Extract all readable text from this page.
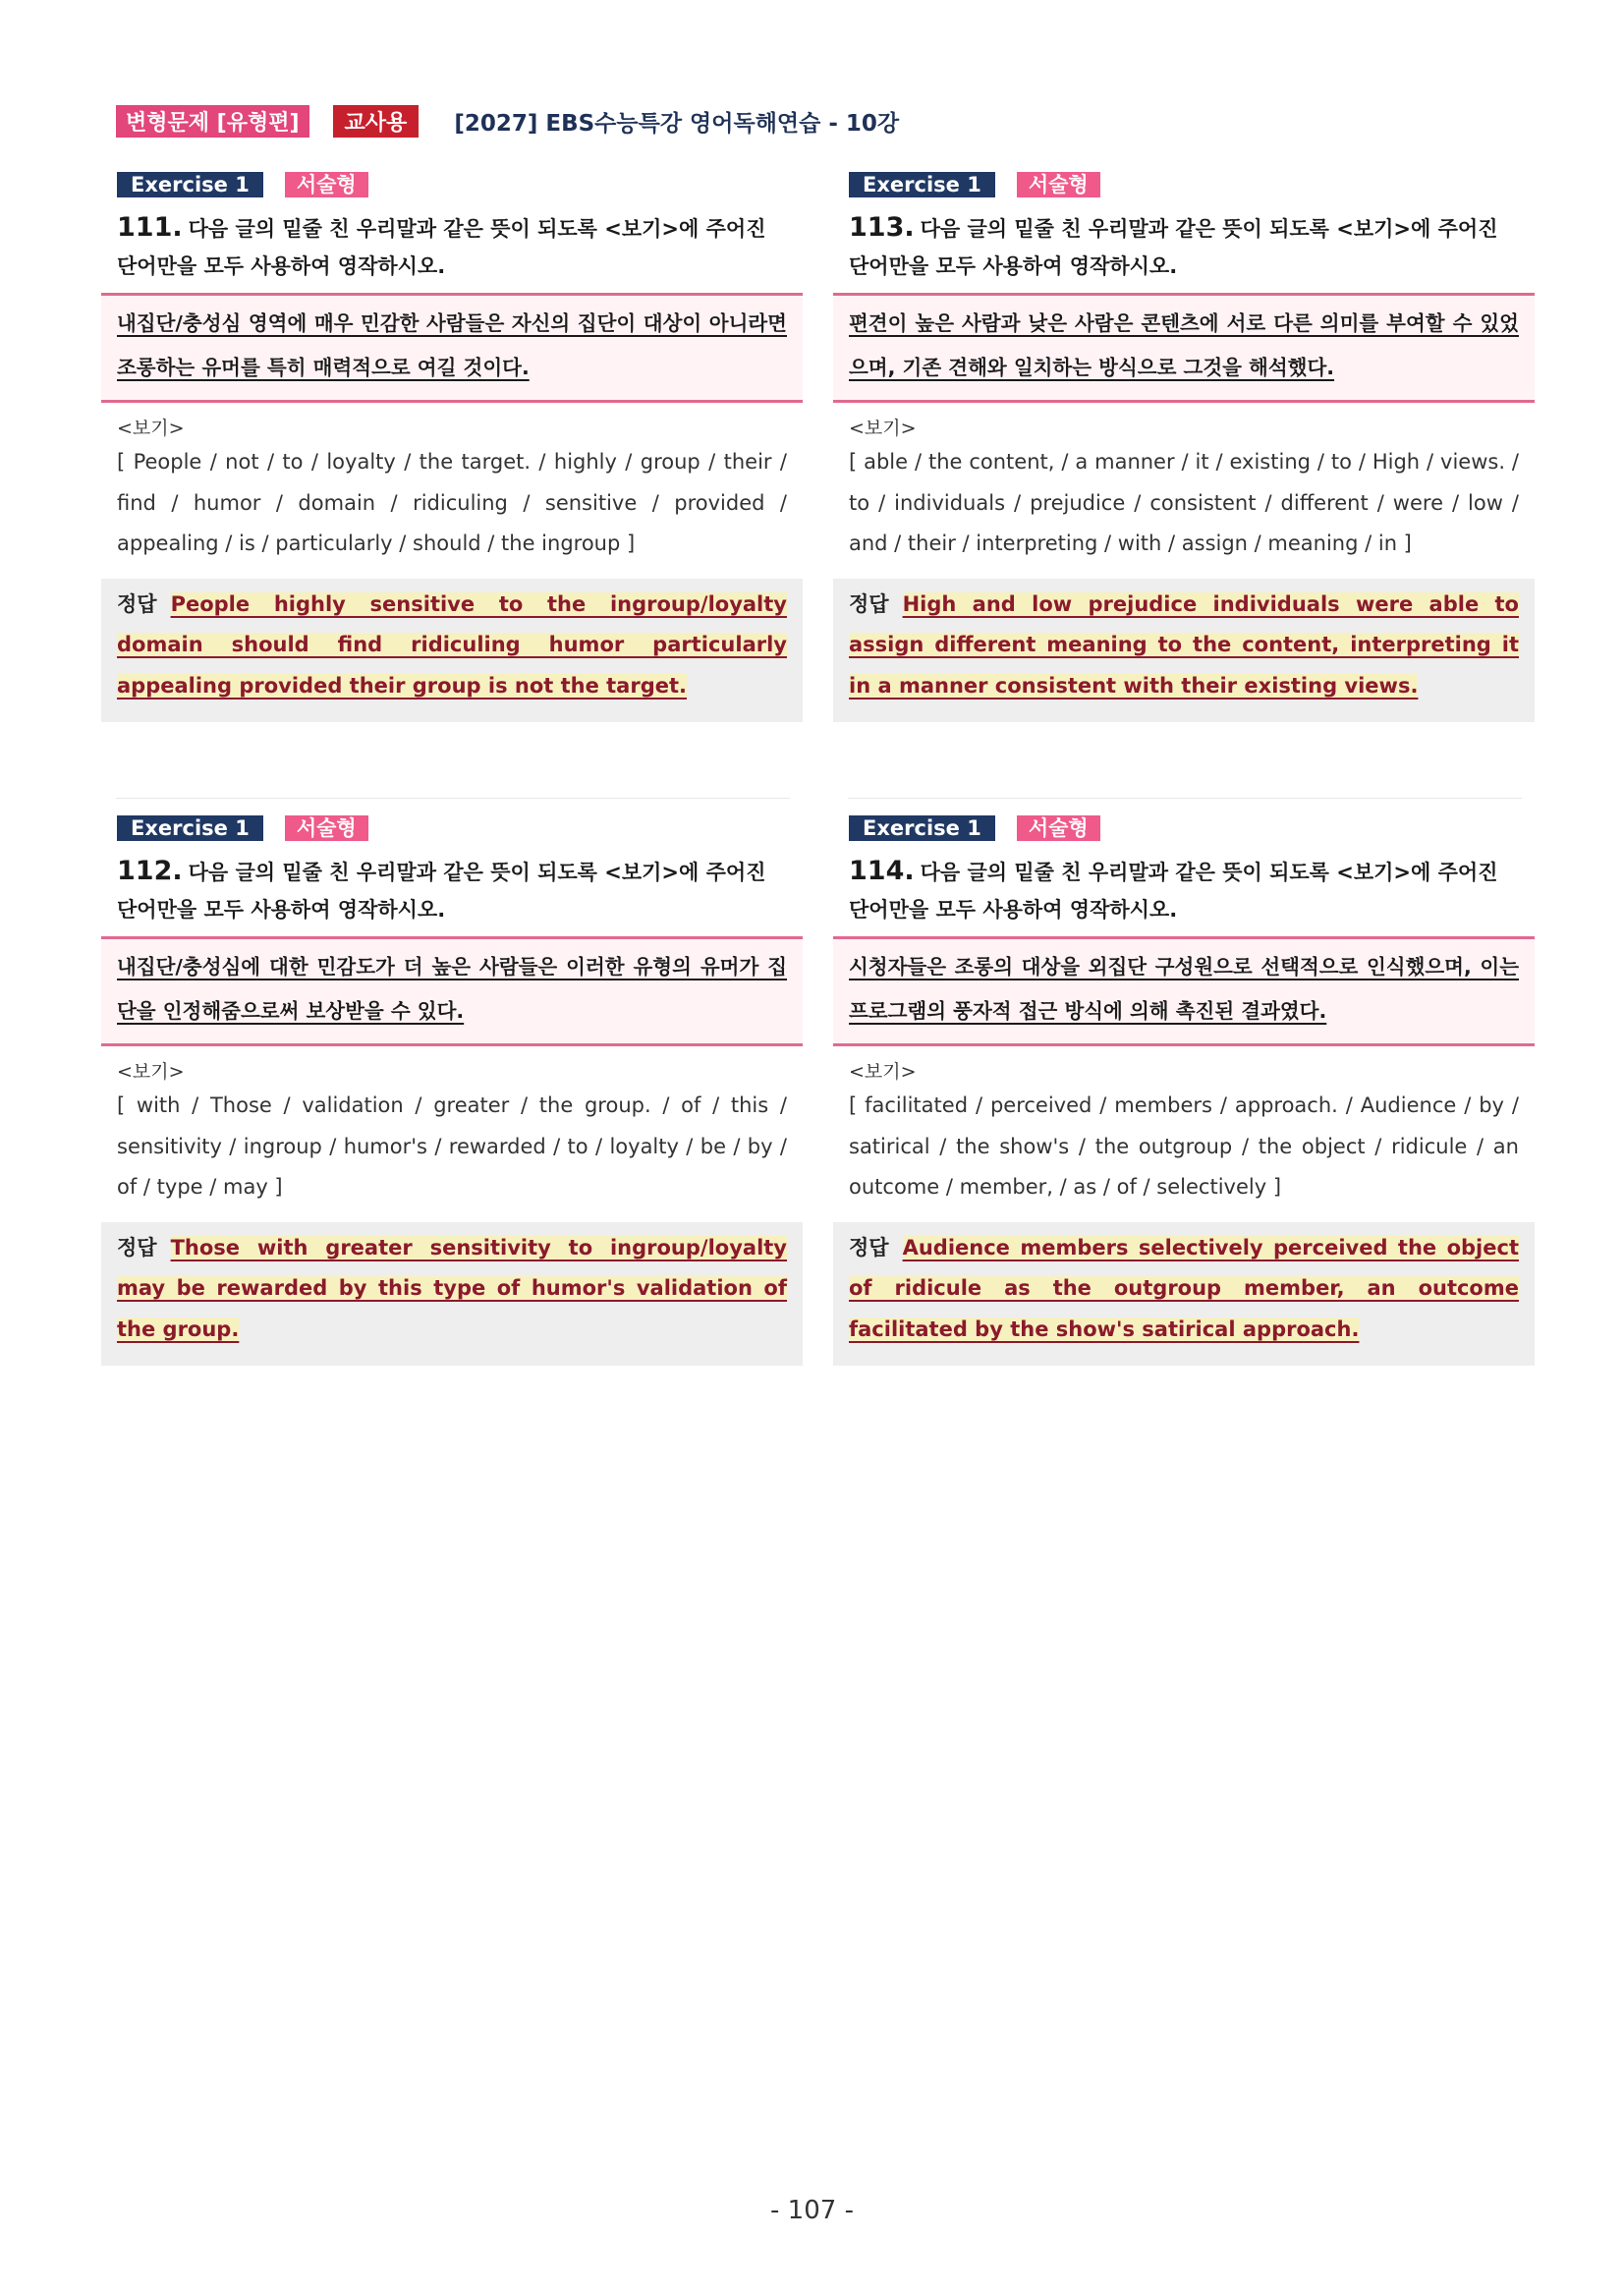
변형문제 [유형편]	교사용	[2027] EBS수능특강 영어독해연습 - 10강
Exercise 1	서술형
111. 다음 글의 밑줄 친 우리말과 같은 뜻이 되도록 <보기>에 주어진 단어만을 모두 사용하여 영작하시오.
내집단/충성심 영역에 매우 민감한 사람들은 자신의 집단이 대상이 아니라면 조롱하는 유머를 특히 매력적으로 여길 것이다.
<보기>
[ People / not / to / loyalty / the target. / highly / group / their / find / humor / domain / ridiculing / sensitive / provided / appealing / is / particularly / should / the ingroup ]
정답 People highly sensitive to the ingroup/loyalty domain should find ridiculing humor particularly appealing provided their group is not the target.
Exercise 1	서술형
113. 다음 글의 밑줄 친 우리말과 같은 뜻이 되도록 <보기>에 주어진 단어만을 모두 사용하여 영작하시오.
편견이 높은 사람과 낮은 사람은 콘텐츠에 서로 다른 의미를 부여할 수 있었으며, 기존 견해와 일치하는 방식으로 그것을 해석했다.
<보기>
[ able / the content, / a manner / it / existing / to / High / views. / to / individuals / prejudice / consistent / different / were / low / and / their / interpreting / with / assign / meaning / in ]
정답 High and low prejudice individuals were able to assign different meaning to the content, interpreting it in a manner consistent with their existing views.
Exercise 1	서술형
112. 다음 글의 밑줄 친 우리말과 같은 뜻이 되도록 <보기>에 주어진 단어만을 모두 사용하여 영작하시오.
내집단/충성심에 대한 민감도가 더 높은 사람들은 이러한 유형의 유머가 집단을 인정해줌으로써 보상받을 수 있다.
<보기>
[ with / Those / validation / greater / the group. / of / this / sensitivity / ingroup / humor's / rewarded / to / loyalty / be / by / of / type / may ]
정답 Those with greater sensitivity to ingroup/loyalty may be rewarded by this type of humor's validation of the group.
Exercise 1	서술형
114. 다음 글의 밑줄 친 우리말과 같은 뜻이 되도록 <보기>에 주어진 단어만을 모두 사용하여 영작하시오.
시청자들은 조롱의 대상을 외집단 구성원으로 선택적으로 인식했으며, 이는 프로그램의 풍자적 접근 방식에 의해 촉진된 결과였다.
<보기>
[ facilitated / perceived / members / approach. / Audience / by / satirical / the show's / the outgroup / the object / ridicule / an outcome / member, / as / of / selectively ]
정답 Audience members selectively perceived the object of ridicule as the outgroup member, an outcome facilitated by the show's satirical approach.
- 107 -
